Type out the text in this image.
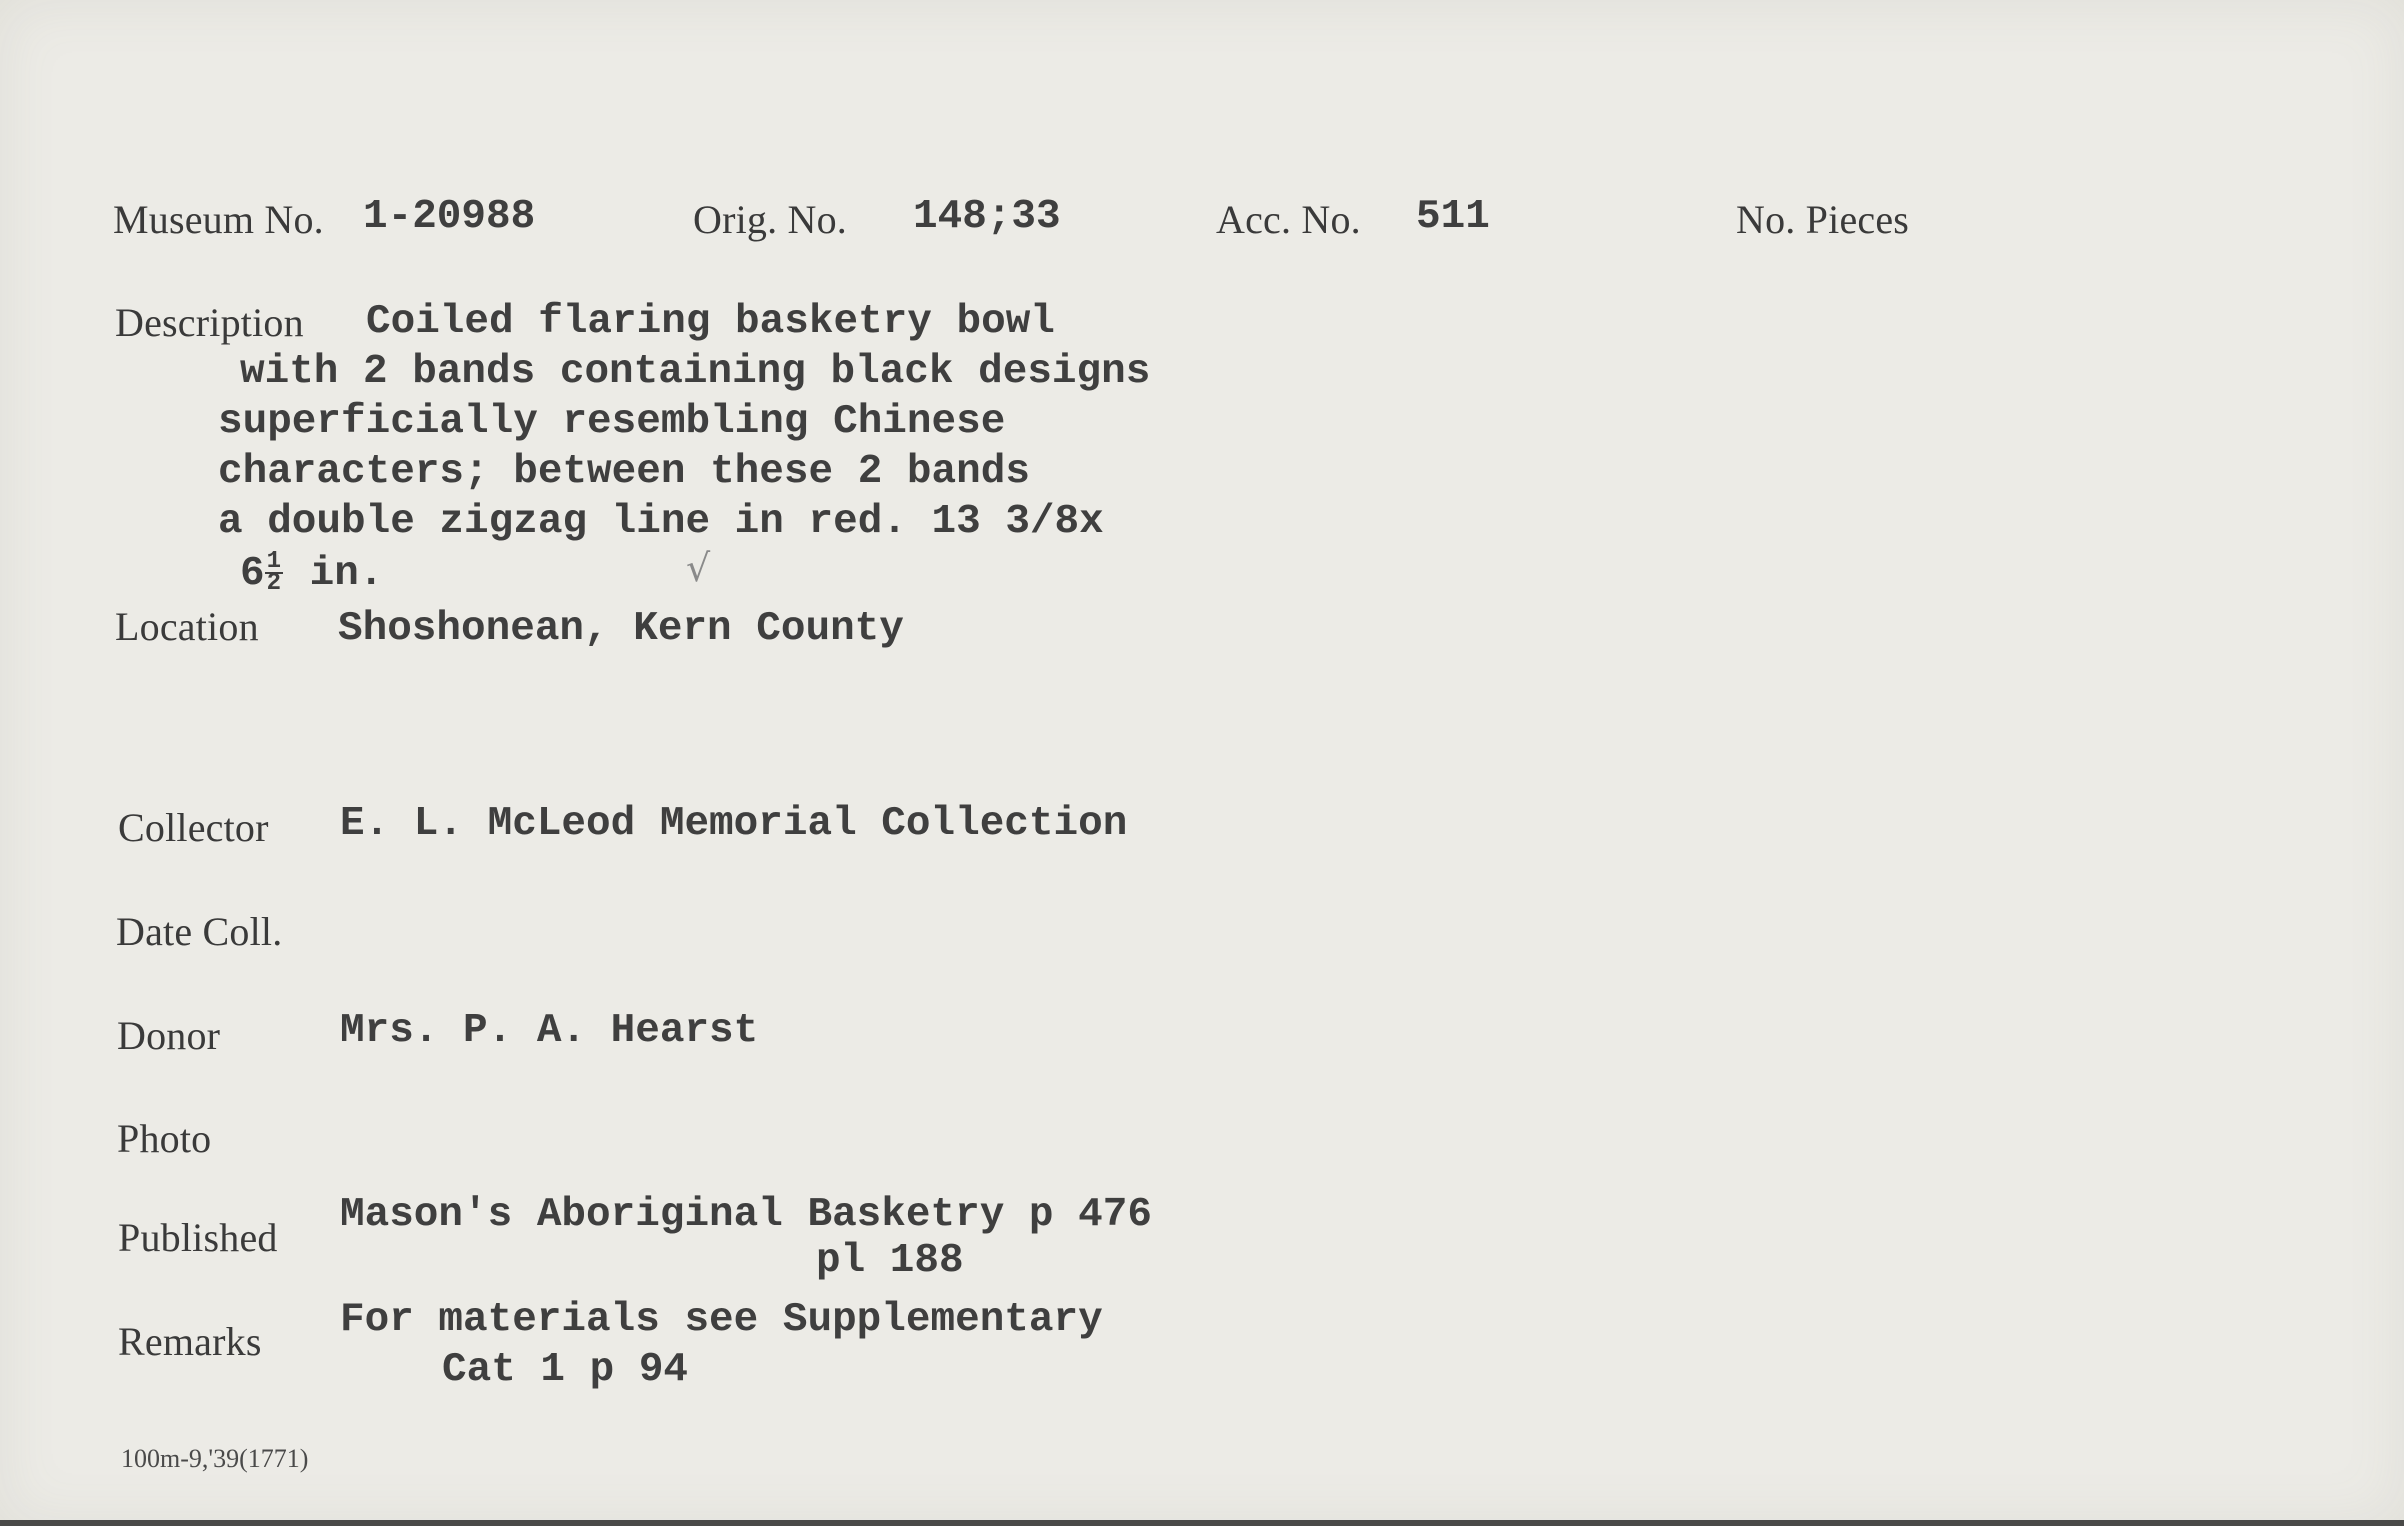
Museum No. 1-20988	Orig. No. 148;33	Acc. No. 511	No. Pieces
Description Coiled flaring basketry bowl
with 2 bands containing black designs
superficially resembling Chinese
characters; between these 2 bands
a double zigzag line in red. 13 3/8x
$6 \frac{1}{2}$ in.	√
Location Shoshonean, Kern County
Collector E. L. McLeod Memorial Collection
Date Coll.
Donor	Mrs. P. A. Hearst
Photo
Published Mason's Aboriginal Basketry p 476
pl 188
Remarks For materials see Supplementary
Cat 1 p 94
100m-9,'39(1771)
